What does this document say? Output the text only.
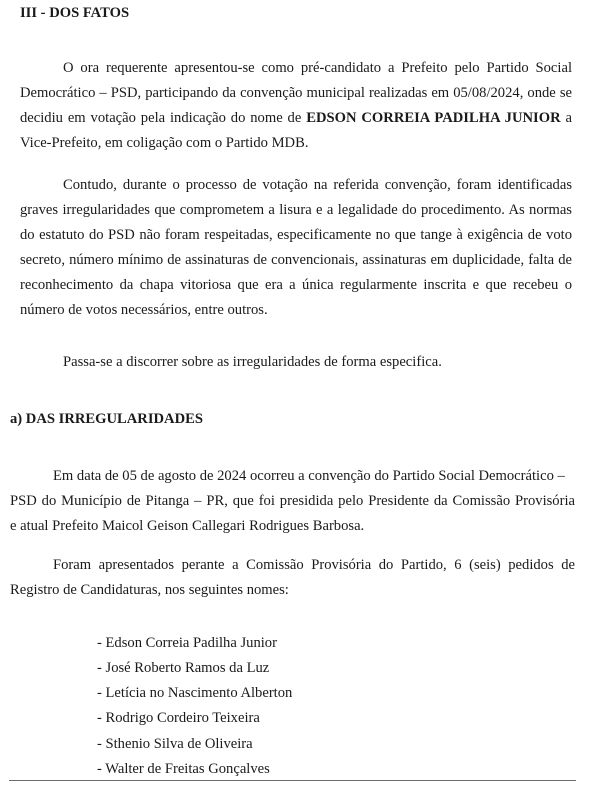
III - DOS FATOS
O ora requerente apresentou-se como pré-candidato a Prefeito pelo Partido Social
Democrático – PSD, participando da convenção municipal realizadas em 05/08/2024, onde se
decidiu em votação pela indicação do nome de EDSON CORREIA PADILHA JUNIOR a
Vice-Prefeito, em coligação com o Partido MDB.
Contudo, durante o processo de votação na referida convenção, foram identificadas
graves irregularidades que comprometem a lisura e a legalidade do procedimento. As normas
do estatuto do PSD não foram respeitadas, especificamente no que tange à exigência de voto
secreto, número mínimo de assinaturas de convencionais, assinaturas em duplicidade, falta de
reconhecimento da chapa vitoriosa que era a única regularmente inscrita e que recebeu o
número de votos necessários, entre outros.
Passa-se a discorrer sobre as irregularidades de forma especifica.
a) DAS IRREGULARIDADES
Em data de 05 de agosto de 2024 ocorreu a convenção do Partido Social Democrático –
PSD do Município de Pitanga – PR, que foi presidida pelo Presidente da Comissão Provisória
e atual Prefeito Maicol Geison Callegari Rodrigues Barbosa.
Foram apresentados perante a Comissão Provisória do Partido, 6 (seis) pedidos de
Registro de Candidaturas, nos seguintes nomes:
- Edson Correia Padilha Junior
- José Roberto Ramos da Luz
- Letícia no Nascimento Alberton
- Rodrigo Cordeiro Teixeira
- Sthenio Silva de Oliveira
- Walter de Freitas Gonçalves
